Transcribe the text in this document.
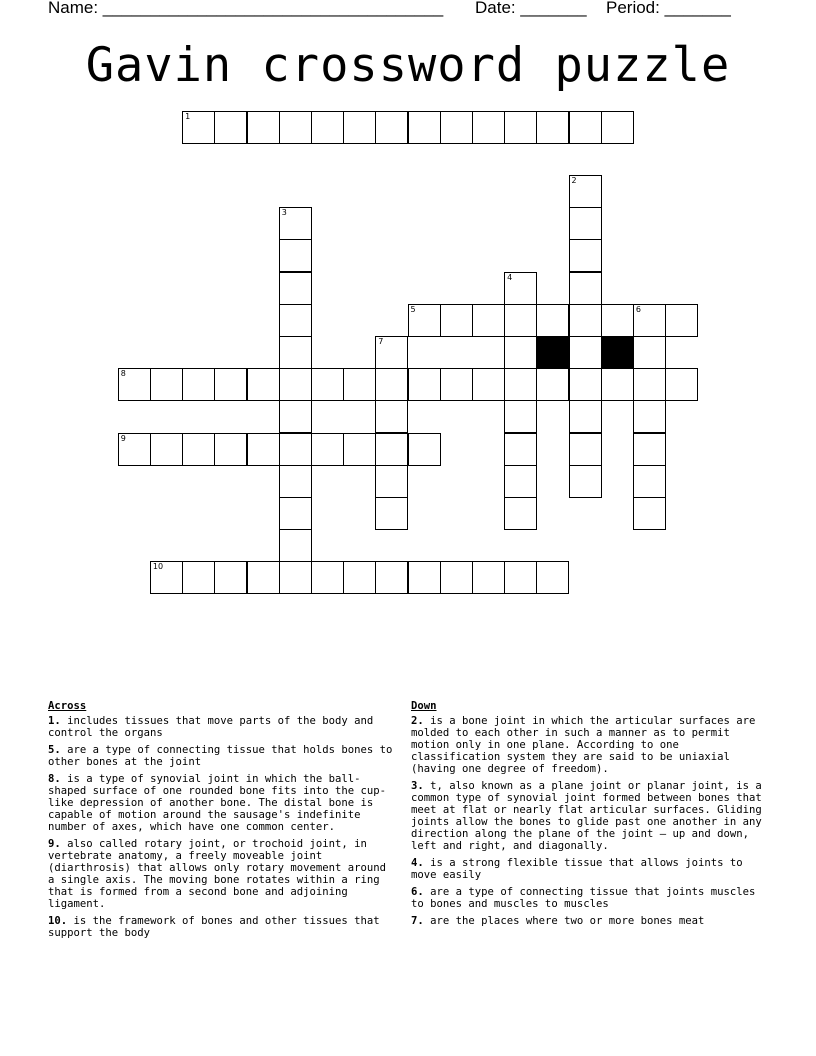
Name: ____________________________________ Date: _______ Period: _______
Gavin crossword puzzle
1
2
3
4
5	6
7
8
9
10
Across
1. includes tissues that move parts of the body and control the organs
5. are a type of connecting tissue that holds bones to other bones at the joint
8. is a type of synovial joint in which the ball-shaped surface of one rounded bone fits into the cup-like depression of another bone. The distal bone is capable of motion around the sausage's indefinite number of axes, which have one common center.
9. also called rotary joint, or trochoid joint, in vertebrate anatomy, a freely moveable joint (diarthrosis) that allows only rotary movement around a single axis. The moving bone rotates within a ring that is formed from a second bone and adjoining ligament.
10. is the framework of bones and other tissues that support the body
Down
2. is a bone joint in which the articular surfaces are molded to each other in such a manner as to permit motion only in one plane. According to one classification system they are said to be uniaxial (having one degree of freedom).
3. t, also known as a plane joint or planar joint, is a common type of synovial joint formed between bones that meet at flat or nearly flat articular surfaces. Gliding joints allow the bones to glide past one another in any direction along the plane of the joint — up and down, left and right, and diagonally.
4. is a strong flexible tissue that allows joints to move easily
6. are a type of connecting tissue that joints muscles to bones and muscles to muscles
7. are the places where two or more bones meat
